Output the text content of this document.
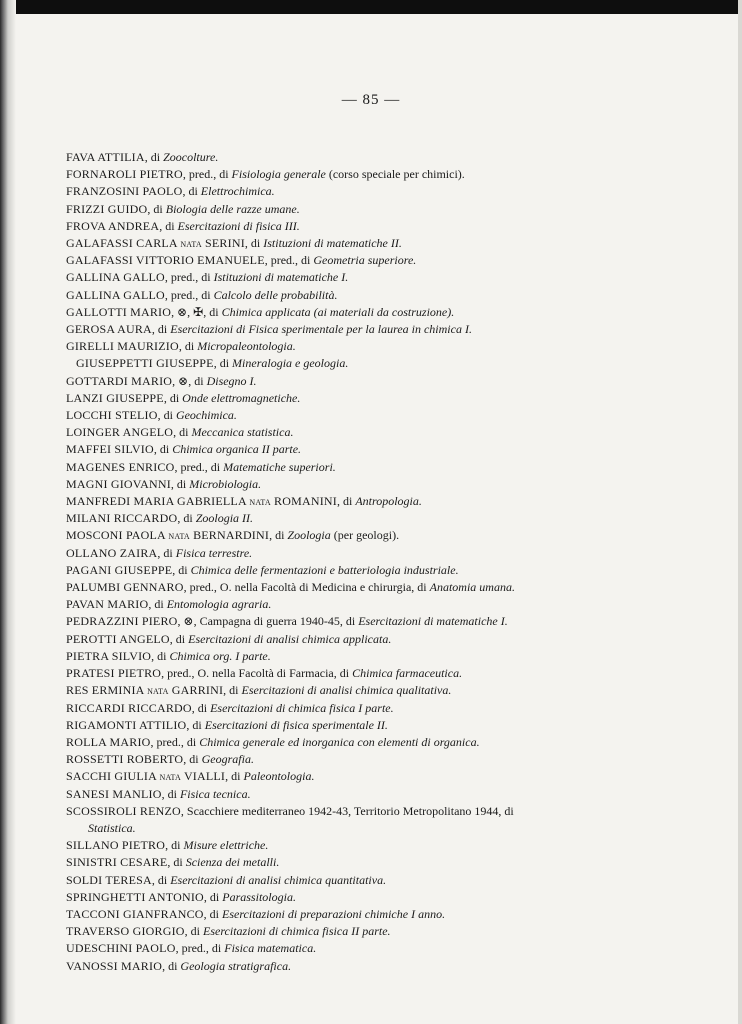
— 85 —
FAVA ATTILIA, di Zoocolture.
FORNAROLI PIETRO, pred., di Fisiologia generale (corso speciale per chimici).
FRANZOSINI PAOLO, di Elettrochimica.
FRIZZI GUIDO, di Biologia delle razze umane.
FROVA ANDREA, di Esercitazioni di fisica III.
GALAFASSI CARLA nata SERINI, di Istituzioni di matematiche II.
GALAFASSI VITTORIO EMANUELE, pred., di Geometria superiore.
GALLINA GALLO, pred., di Istituzioni di matematiche I.
GALLINA GALLO, pred., di Calcolo delle probabilità.
GALLOTTI MARIO, ⊗, ✠, di Chimica applicata (ai materiali da costruzione).
GEROSA AURA, di Esercitazioni di Fisica sperimentale per la laurea in chimica I.
GIRELLI MAURIZIO, di Micropaleontologia.
GIUSEPPETTI GIUSEPPE, di Mineralogia e geologia.
GOTTARDI MARIO, ⊗, di Disegno I.
LANZI GIUSEPPE, di Onde elettromagnetiche.
LOCCHI STELIO, di Geochimica.
LOINGER ANGELO, di Meccanica statistica.
MAFFEI SILVIO, di Chimica organica II parte.
MAGENES ENRICO, pred., di Matematiche superiori.
MAGNI GIOVANNI, di Microbiologia.
MANFREDI MARIA GABRIELLA nata ROMANINI, di Antropologia.
MILANI RICCARDO, di Zoologia II.
MOSCONI PAOLA nata BERNARDINI, di Zoologia (per geologi).
OLLANO ZAIRA, di Fisica terrestre.
PAGANI GIUSEPPE, di Chimica delle fermentazioni e batteriologia industriale.
PALUMBI GENNARO, pred., O. nella Facoltà di Medicina e chirurgia, di Anatomia umana.
PAVAN MARIO, di Entomologia agraria.
PEDRAZZINI PIERO, ⊗, Campagna di guerra 1940-45, di Esercitazioni di matematiche I.
PEROTTI ANGELO, di Esercitazioni di analisi chimica applicata.
PIETRA SILVIO, di Chimica org. I parte.
PRATESI PIETRO, pred., O. nella Facoltà di Farmacia, di Chimica farmaceutica.
RES ERMINIA nata GARRINI, di Esercitazioni di analisi chimica qualitativa.
RICCARDI RICCARDO, di Esercitazioni di chimica fisica I parte.
RIGAMONTI ATTILIO, di Esercitazioni di fisica sperimentale II.
ROLLA MARIO, pred., di Chimica generale ed inorganica con elementi di organica.
ROSSETTI ROBERTO, di Geografia.
SACCHI GIULIA nata VIALLI, di Paleontologia.
SANESI MANLIO, di Fisica tecnica.
SCOSSIROLI RENZO, Scacchiere mediterraneo 1942-43, Territorio Metropolitano 1944, di
Statistica.
SILLANO PIETRO, di Misure elettriche.
SINISTRI CESARE, di Scienza dei metalli.
SOLDI TERESA, di Esercitazioni di analisi chimica quantitativa.
SPRINGHETTI ANTONIO, di Parassitologia.
TACCONI GIANFRANCO, di Esercitazioni di preparazioni chimiche I anno.
TRAVERSO GIORGIO, di Esercitazioni di chimica fisica II parte.
UDESCHINI PAOLO, pred., di Fisica matematica.
VANOSSI MARIO, di Geologia stratigrafica.
